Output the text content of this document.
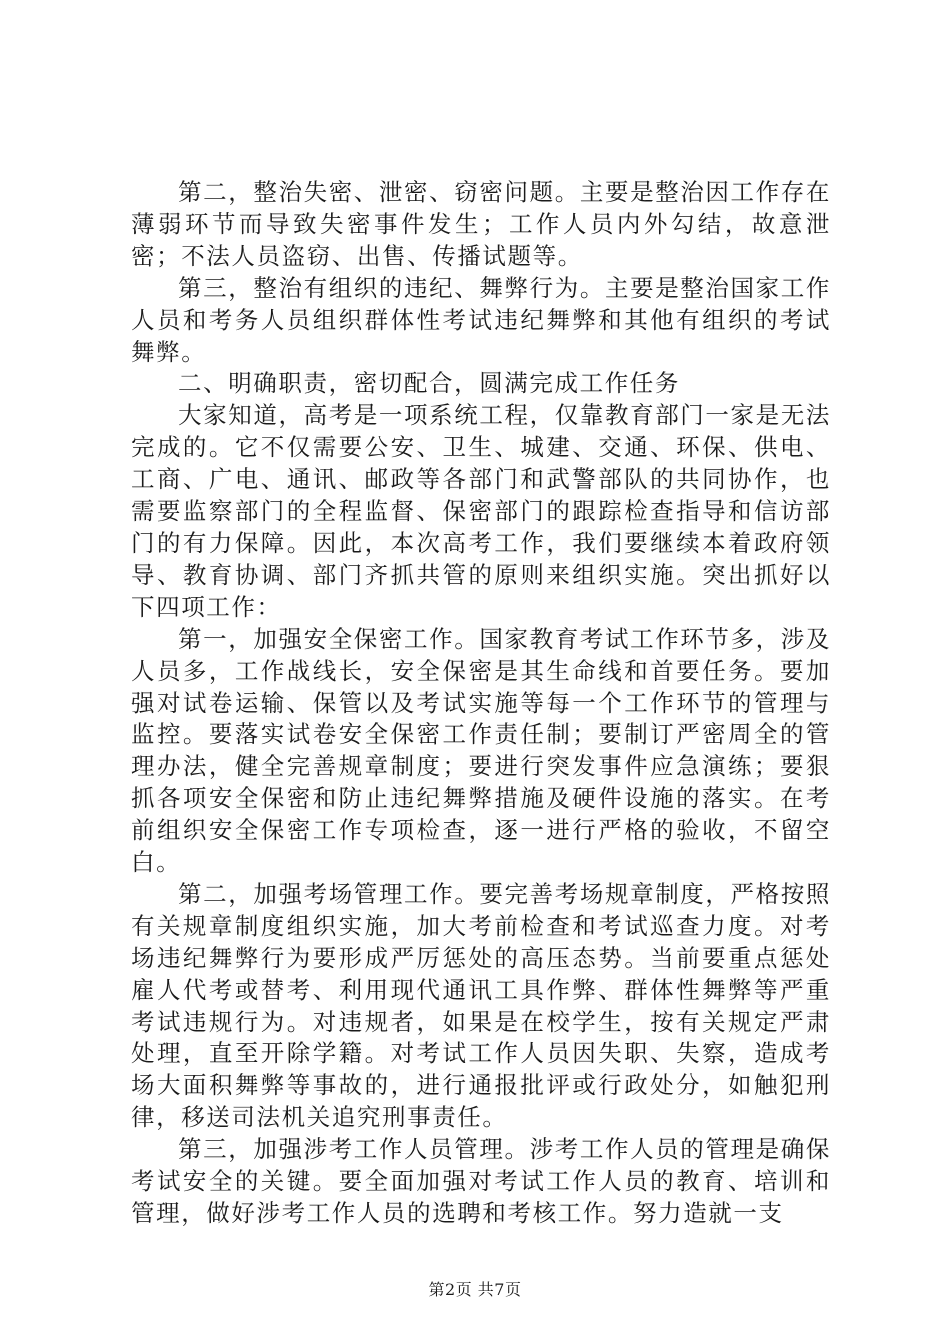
第二，整治失密、泄密、窃密问题。主要是整治因工作存在薄弱环节而导致失密事件发生；工作人员内外勾结，故意泄密；不法人员盗窃、出售、传播试题等。

第三，整治有组织的违纪、舞弊行为。主要是整治国家工作人员和考务人员组织群体性考试违纪舞弊和其他有组织的考试舞弊。

二、明确职责，密切配合，圆满完成工作任务

大家知道，高考是一项系统工程，仅靠教育部门一家是无法完成的。它不仅需要公安、卫生、城建、交通、环保、供电、工商、广电、通讯、邮政等各部门和武警部队的共同协作，也需要监察部门的全程监督、保密部门的跟踪检查指导和信访部门的有力保障。因此，本次高考工作，我们要继续本着政府领导、教育协调、部门齐抓共管的原则来组织实施。突出抓好以下四项工作：

第一，加强安全保密工作。国家教育考试工作环节多，涉及人员多，工作战线长，安全保密是其生命线和首要任务。要加强对试卷运输、保管以及考试实施等每一个工作环节的管理与监控。要落实试卷安全保密工作责任制；要制订严密周全的管理办法，健全完善规章制度；要进行突发事件应急演练；要狠抓各项安全保密和防止违纪舞弊措施及硬件设施的落实。在考前组织安全保密工作专项检查，逐一进行严格的验收，不留空白。

第二，加强考场管理工作。要完善考场规章制度，严格按照有关规章制度组织实施，加大考前检查和考试巡查力度。对考场违纪舞弊行为要形成严厉惩处的高压态势。当前要重点惩处雇人代考或替考、利用现代通讯工具作弊、群体性舞弊等严重考试违规行为。对违规者，如果是在校学生，按有关规定严肃处理，直至开除学籍。对考试工作人员因失职、失察，造成考场大面积舞弊等事故的，进行通报批评或行政处分，如触犯刑律，移送司法机关追究刑事责任。

第三，加强涉考工作人员管理。涉考工作人员的管理是确保考试安全的关键。要全面加强对考试工作人员的教育、培训和管理，做好涉考工作人员的选聘和考核工作。努力造就一支

第2页 共7页
